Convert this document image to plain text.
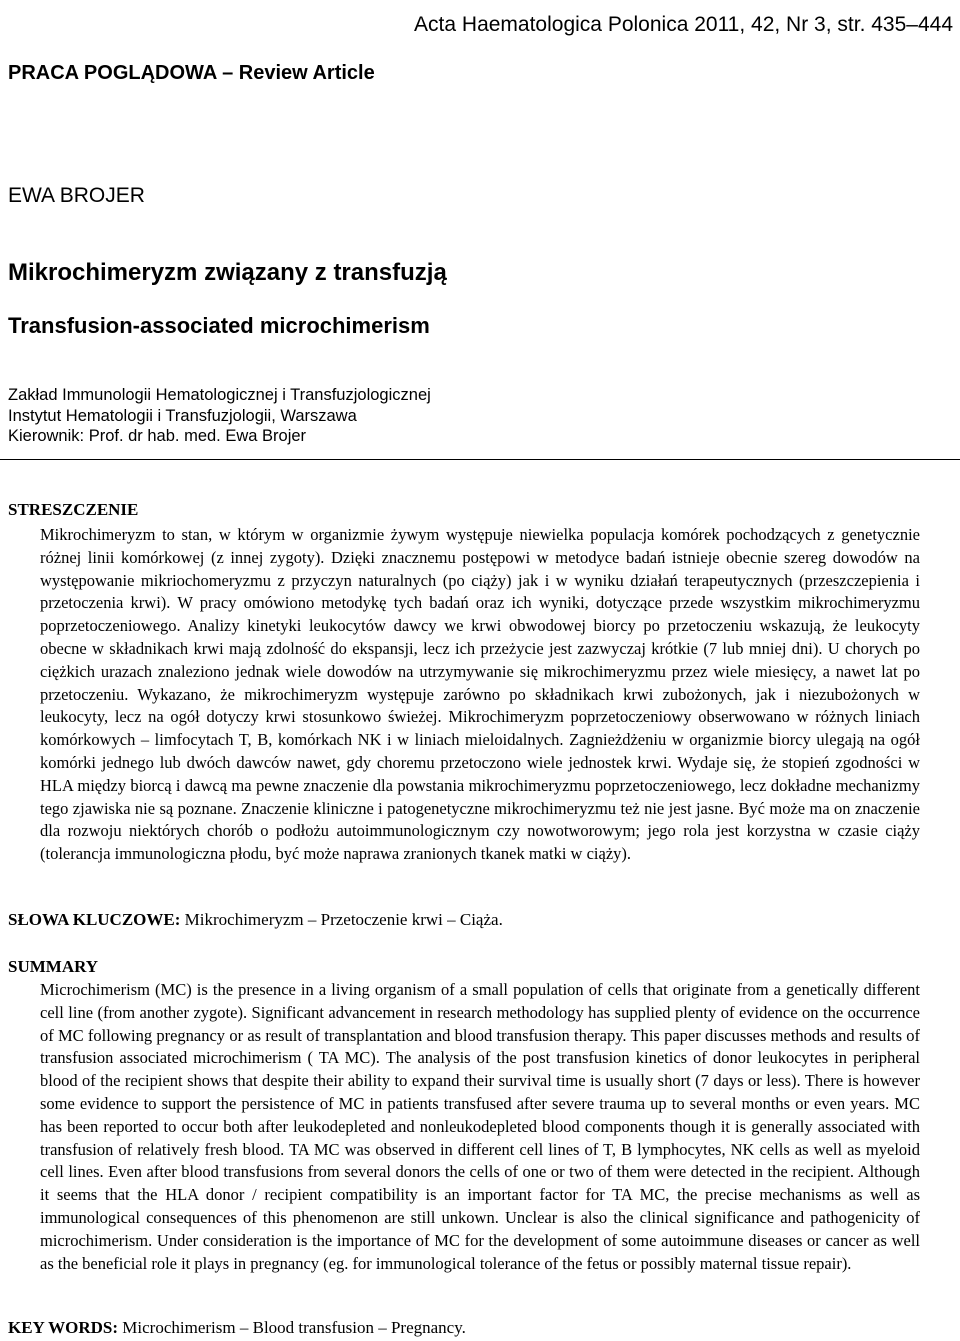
Acta Haematologica Polonica 2011, 42, Nr 3, str. 435–444
PRACA POGLĄDOWA – Review Article
EWA BROJER
Mikrochimeryzm związany z transfuzją
Transfusion-associated microchimerism
Zakład Immunologii Hematologicznej i Transfuzjologicznej
Instytut Hematologii i Transfuzjologii, Warszawa
Kierownik: Prof. dr hab. med. Ewa Brojer
STRESZCZENIE
Mikrochimeryzm to stan, w którym w organizmie żywym występuje niewielka populacja komórek pochodzących z genetycznie różnej linii komórkowej (z innej zygoty). Dzięki znacznemu postępowi w metodyce badań istnieje obecnie szereg dowodów na występowanie mikriochomeryzmu z przyczyn naturalnych (po ciąży) jak i w wyniku działań terapeutycznych (przeszczepienia i przetoczenia krwi). W pracy omówiono metodykę tych badań oraz ich wyniki, dotyczące przede wszystkim mikrochimeryzmu poprzetoczeniowego. Analizy kinetyki leukocytów dawcy we krwi obwodowej biorcy po przetoczeniu wskazują, że leukocyty obecne w składnikach krwi mają zdolność do ekspansji, lecz ich przeżycie jest zazwyczaj krótkie (7 lub mniej dni). U chorych po ciężkich urazach znaleziono jednak wiele dowodów na utrzymywanie się mikrochimeryzmu przez wiele miesięcy, a nawet lat po przetoczeniu. Wykazano, że mikrochimeryzm występuje zarówno po składnikach krwi zubożonych, jak i niezubożonych w leukocyty, lecz na ogół dotyczy krwi stosunkowo świeżej. Mikrochimeryzm poprzetoczeniowy obserwowano w różnych liniach komórkowych – limfocytach T, B, komórkach NK i w liniach mieloidalnych. Zagnieżdżeniu w organizmie biorcy ulegają na ogół komórki jednego lub dwóch dawców nawet, gdy choremu przetoczono wiele jednostek krwi. Wydaje się, że stopień zgodności w HLA między biorcą i dawcą ma pewne znaczenie dla powstania mikrochimeryzmu poprzetoczeniowego, lecz dokładne mechanizmy tego zjawiska nie są poznane. Znaczenie kliniczne i patogenetyczne mikrochimeryzmu też nie jest jasne. Być może ma on znaczenie dla rozwoju niektórych chorób o podłożu autoimmunologicznym czy nowotworowym; jego rola jest korzystna w czasie ciąży (tolerancja immunologiczna płodu, być może naprawa zranionych tkanek matki w ciąży).
SŁOWA KLUCZOWE: Mikrochimeryzm – Przetoczenie krwi – Ciąża.
SUMMARY
Microchimerism (MC) is the presence in a living organism of a small population of cells that originate from a genetically different cell line (from another zygote). Significant advancement in research methodology has supplied plenty of evidence on the occurrence of MC following pregnancy or as result of transplantation and blood transfusion therapy. This paper discusses methods and results of transfusion associated microchimerism ( TA MC). The analysis of the post transfusion kinetics of donor leukocytes in peripheral blood of the recipient shows that despite their ability to expand their survival time is usually short (7 days or less). There is however some evidence to support the persistence of MC in patients transfused after severe trauma up to several months or even years. MC has been reported to occur both after leukodepleted and nonleukodepleted blood components though it is generally associated with transfusion of relatively fresh blood. TA MC was observed in different cell lines of T, B lymphocytes, NK cells as well as myeloid cell lines. Even after blood transfusions from several donors the cells of one or two of them were detected in the recipient. Although it seems that the HLA donor / recipient compatibility is an important factor for TA MC, the precise mechanisms as well as immunological consequences of this phenomenon are still unkown. Unclear is also the clinical significance and pathogenicity of microchimerism. Under consideration is the importance of MC for the development of some autoimmune diseases or cancer as well as the beneficial role it plays in pregnancy (eg. for immunological tolerance of the fetus or possibly maternal tissue repair).
KEY WORDS: Microchimerism – Blood transfusion – Pregnancy.
